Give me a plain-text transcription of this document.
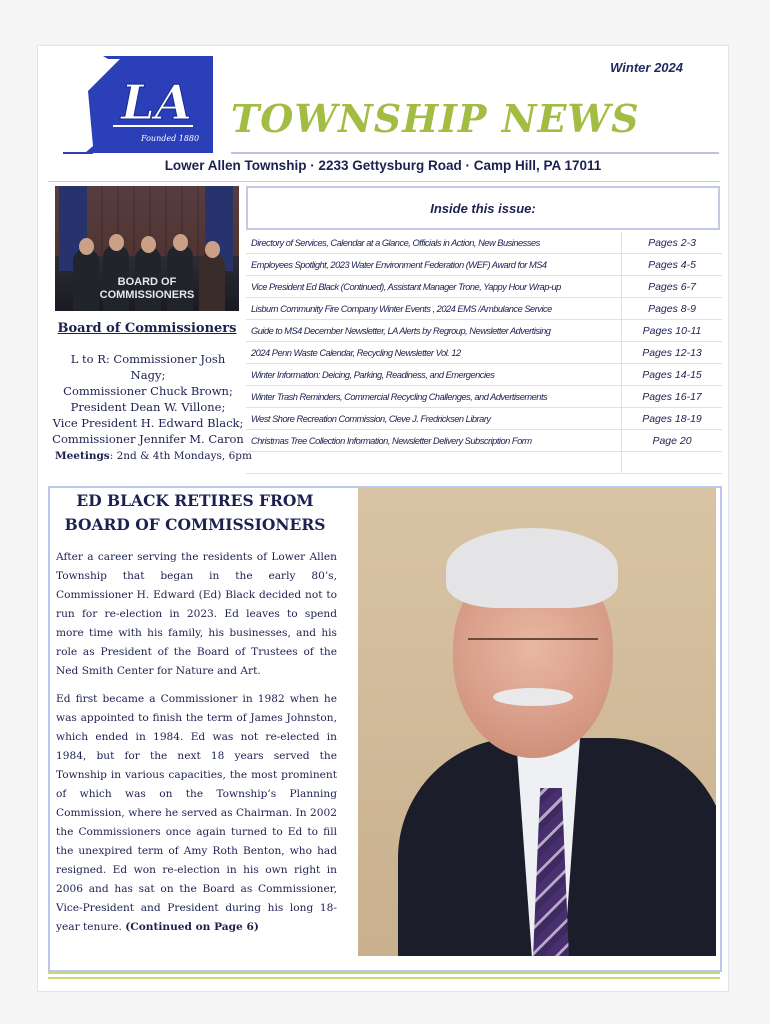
LA
Founded 1880
Winter 2024
TOWNSHIP NEWS
Lower Allen Township · 2233 Gettysburg Road · Camp Hill, PA 17011
BOARD OF
COMMISSIONERS
Board of Commissioners
L to R: Commissioner Josh Nagy;
Commissioner Chuck Brown;
President Dean W. Villone;
Vice President H. Edward Black;
Commissioner Jennifer M. Caron
Meetings: 2nd & 4th Mondays, 6pm
Inside this issue:
Directory of Services, Calendar at a Glance, Officials in Action, New Businesses	Pages 2-3
Employees Spotlight, 2023 Water Environment Federation (WEF) Award for MS4	Pages 4-5
Vice President Ed Black (Continued), Assistant Manager Trone, Yappy Hour Wrap-up	Pages 6-7
Lisburn Community Fire Company Winter Events , 2024 EMS /Ambulance Service	Pages 8-9
Guide to MS4 December Newsletter, LA Alerts by Regroup, Newsletter Advertising	Pages 10-11
2024 Penn Waste Calendar, Recycling Newsletter Vol. 12	Pages 12-13
Winter Information: Deicing, Parking, Readiness, and Emergencies	Pages 14-15
Winter Trash Reminders, Commercial Recycling Challenges, and Advertisements	Pages 16-17
West Shore Recreation Commission, Cleve J. Fredricksen Library	Pages 18-19
Christmas Tree Collection Information, Newsletter Delivery Subscription Form	Page 20

ED BLACK RETIRES FROM
BOARD OF COMMISSIONERS

After a career serving the residents of Lower Allen Township that began in the early 80’s, Commissioner H. Edward (Ed) Black decided not to run for re-election in 2023. Ed leaves to spend more time with his family, his businesses, and his role as President of the Board of Trustees of the Ned Smith Center for Nature and Art.

Ed first became a Commissioner in 1982 when he was appointed to finish the term of James Johnston, which ended in 1984. Ed was not re-elected in 1984, but for the next 18 years served the Township in various capacities, the most prominent of which was on the Township’s Planning Commission, where he served as Chairman. In 2002 the Commissioners once again turned to Ed to fill the unexpired term of Amy Roth Benton, who had resigned. Ed won re-election in his own right in 2006 and has sat on the Board as Commissioner, Vice-President and President during his long 18-year tenure. (Continued on Page 6)
